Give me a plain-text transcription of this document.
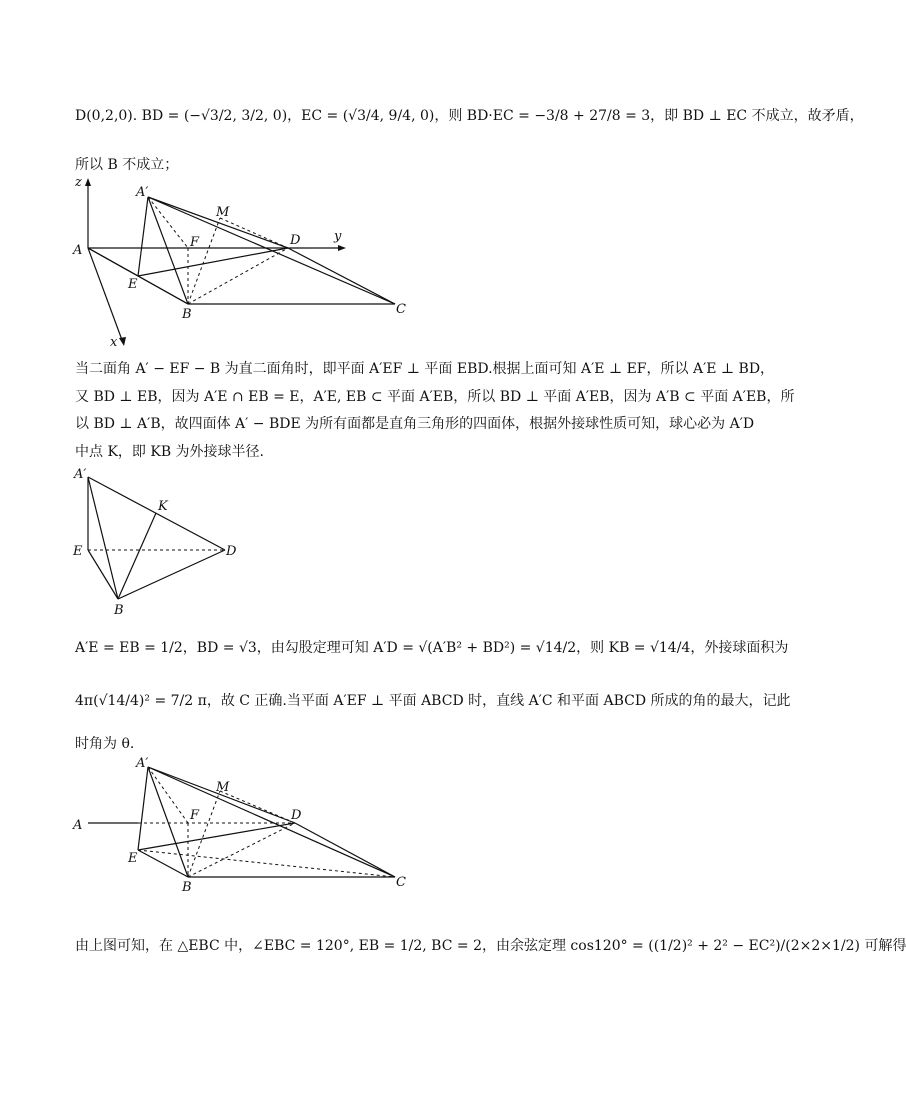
D(0,2,0). BD = (−√3/2, 3/2, 0)，EC = (√3/4, 9/4, 0)，则 BD·EC = −3/8 + 27/8 = 3，即 BD ⊥ EC 不成立，故矛盾，
所以 B 不成立；
z
A′
M
F	D	y
A
E
B	C
x
当二面角 A′ − EF − B 为直二面角时，即平面 A′EF ⊥ 平面 EBD.根据上面可知 A′E ⊥ EF，所以 A′E ⊥ BD，
又 BD ⊥ EB，因为 A′E ∩ EB = E，A′E, EB ⊂ 平面 A′EB，所以 BD ⊥ 平面 A′EB，因为 A′B ⊂ 平面 A′EB，所
以 BD ⊥ A′B，故四面体 A′ − BDE 为所有面都是直角三角形的四面体，根据外接球性质可知，球心必为 A′D
中点 K，即 KB 为外接球半径.
A′
K
E	D
B
A′E = EB = 1/2，BD = √3，由勾股定理可知 A′D = √(A′B² + BD²) = √14/2，则 KB = √14/4，外接球面积为
4π(√14/4)² = 7/2 π，故 C 正确.当平面 A′EF ⊥ 平面 ABCD 时，直线 A′C 和平面 ABCD 所成的角的最大，记此
时角为 θ.
A′
M
F	D
A
E
B	C
由上图可知，在 △EBC 中，∠EBC = 120°, EB = 1/2, BC = 2，由余弦定理 cos120° = ((1/2)² + 2² − EC²)/(2×2×1/2) 可解得
